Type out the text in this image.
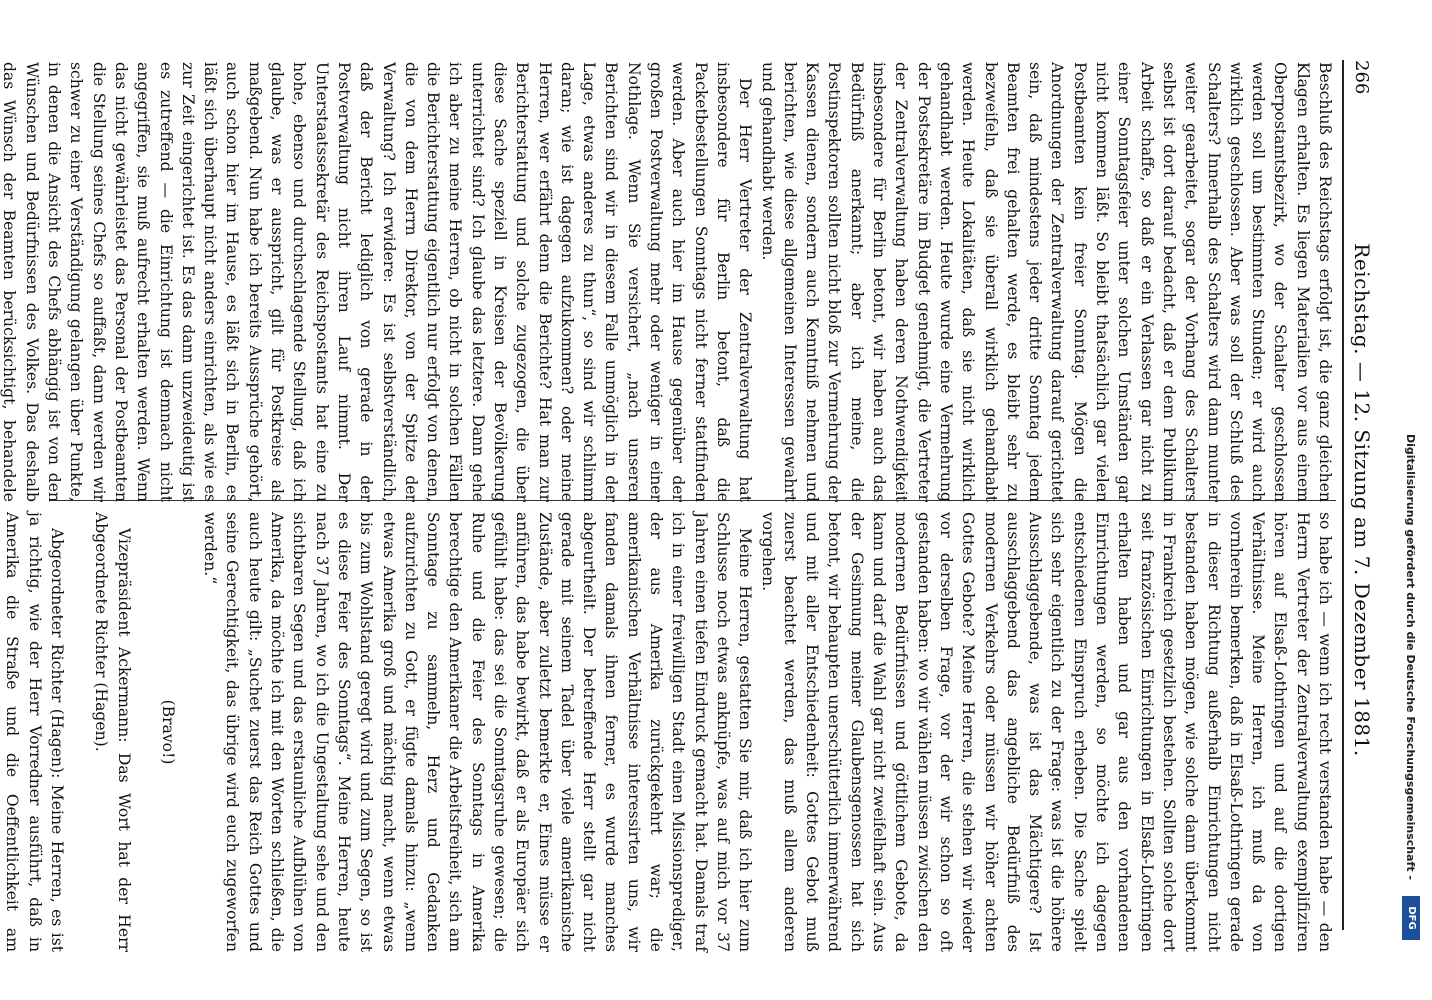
Digitalisierung gefördert durch die Deutsche Forschungsgemeinschaft -
DFG
266
Reichstag. — 12. Sitzung am 7. Dezember 1881.

Beschluß des Reichstags erfolgt ist, die ganz gleichen Klagen erhalten. Es liegen Materialien vor aus einem Oberpostamtsbezirk, wo der Schalter geschlossen werden soll um bestimmten Stunden; er wird auch wirklich geschlossen. Aber was soll der Schluß des Schalters? Innerhalb des Schalters wird dann munter weiter gearbeitet, sogar der Vorhang des Schalters selbst ist dort darauf bedacht, daß er dem Publikum Arbeit schaffe, so daß er ein Verlassen gar nicht zu einer Sonntagsfeier unter solchen Umständen gar nicht kommen läßt. So bleibt thatsächlich gar vielen Postbeamten kein freier Sonntag. Mögen die Anordnungen der Zentralverwaltung darauf gerichtet sein, daß mindestens jeder dritte Sonntag jedem Beamten frei gehalten werde, es bleibt sehr zu bezweifeln, daß sie überall wirklich gehandhabt werden. Heute Lokalitäten, daß sie nicht wirklich gehandhabt werden. Heute wurde eine Vermehrung der Postsekretäre im Budget genehmigt, die Vertreter der Zentralverwaltung haben deren Nothwendigkeit insbesondere für Berlin betont, wir haben auch das Bedürfniß anerkannt; aber ich meine, die Postinspektoren sollten nicht bloß zur Vermehrung der Kassen dienen, sondern auch Kenntniß nehmen und berichten, wie diese allgemeinen Interessen gewahrt und gehandhabt werden.

Der Herr Vertreter der Zentralverwaltung hat insbesondere für Berlin betont, daß die Packetbestellungen Sonntags nicht ferner stattfinden werden. Aber auch hier im Hause gegenüber der großen Postverwaltung mehr oder weniger in einer Nothlage. Wenn Sie versichert, „nach unseren Berichten sind wir in diesem Falle unmöglich in der Lage, etwas anderes zu thun“, so sind wir schlimm daran; wie ist dagegen aufzukommen? oder meine Herren, wer erfährt denn die Berichte? Hat man zur Berichterstattung und solche zugezogen, die über diese Sache speziell in Kreisen der Bevölkerung unterrichtet sind? Ich glaube das letztere. Dann gehe ich aber zu meine Herren, ob nicht in solchen Fällen die Berichterstattung eigentlich nur erfolgt von denen, die von dem Herrn Direktor, von der Spitze der Verwaltung? Ich erwidere: Es ist selbstverständlich, daß der Bericht lediglich von gerade in der Postverwaltung nicht ihren Lauf nimmt. Der Unterstaatssekretär des Reichspostamts hat eine zu hohe, ebenso und durchschlagende Stellung, daß ich glaube, was er ausspricht, gilt für Postkreise als maßgebend. Nun habe ich bereits Aussprüche gehört, auch schon hier im Hause, es läßt sich in Berlin, es läßt sich überhaupt nicht anders einrichten, als wie es zur Zeit eingerichtet ist. Es das dann unzweideutig ist es zutreffend — die Einrichtung ist demnach nicht angegriffen, sie muß aufrecht erhalten werden. Wenn das nicht gewährleistet das Personal der Postbeamten die Stellung seines Chefs so auffaßt, dann werden wir schwer zu einer Verständigung gelangen über Punkte, in denen die Ansicht des Chefs abhängig ist von den Wünschen und Bedürfnissen des Volkes. Das deshalb das Wünsch der Beamten berücksichtigt, behandele

so habe ich — wenn ich recht verstanden habe — den Herrn Vertreter der Zentralverwaltung exemplifiziren hören auf Elsaß-Lothringen und auf die dortigen Verhältnisse. Meine Herren, ich muß da von vornherein bemerken, daß in Elsaß-Lothringen gerade in dieser Richtung außerhalb Einrichtungen nicht bestanden haben mögen, wie solche dann überkommt in Frankreich gesetzlich bestehen. Sollten solche dort seit französischen Einrichtungen in Elsaß-Lothringen erhalten haben und gar aus den vorhandenen Einrichtungen werden, so möchte ich dagegen entschiedenen Einspruch erheben. Die Sache spielt sich sehr eigentlich zu der Frage: was ist die höhere Ausschlaggebende, was ist das Mächtigere? Ist ausschlaggebend das angebliche Bedürfniß des modernen Verkehrs oder müssen wir höher achten Gottes Gebote? Meine Herren, die stehen wir wieder vor derselben Frage, vor der wir schon so oft gestanden haben: wo wir wählen müssen zwischen den modernen Bedürfnissen und göttlichem Gebote, da kann und darf die Wahl gar nicht zweifelhaft sein. Aus der Gesinnung meiner Glaubensgenossen hat sich betont, wir behaupten unerschütterlich immerwährend und mit aller Entschiedenheit: Gottes Gebot muß zuerst beachtet werden, das muß allem anderen vorgehen.

Meine Herren, gestatten Sie mir, daß ich hier zum Schlusse noch etwas anknüpfe, was auf mich vor 37 Jahren einen tiefen Eindruck gemacht hat. Damals traf ich in einer freiwilligen Stadt einen Missionsprediger, der aus Amerika zurückgekehrt war; die amerikanischen Verhältnisse interessirten uns, wir fanden damals ihnen ferner, es wurde manches abgeurtheilt. Der betreffende Herr stellt gar nicht gerade mit seinem Tadel über viele amerikanische Zustände, aber zuletzt bemerkte er, Eines müsse er anführen, das habe bewirkt, daß er als Europäer sich gefühlt habe: das sei die Sonntagsruhe gewesen; die Ruhe und die Feier des Sonntags in Amerika berechtige den Amerikaner die Arbeitsfreiheit, sich am Sonntage zu sammeln, Herz und Gedanken aufzurichten zu Gott, er fügte damals hinzu: „wenn etwas Amerika groß und mächtig macht, wenn etwas bis zum Wohlstand geregt wird und zum Segen, so ist es diese Feier des Sonntags“. Meine Herren, heute nach 37 Jahren, wo ich die Ungestaltung sehe und den sichtbaren Segen und das erstaunliche Aufblühen von Amerika, da möchte ich mit den Worten schließen, die auch heute gilt: „Suchet zuerst das Reich Gottes und seine Gerechtigkeit, das übrige wird euch zugeworfen werden.“

(Bravo!)

Vizepräsident Ackermann: Das Wort hat der Herr Abgeordnete Richter (Hagen).

Abgeordneter Richter (Hagen): Meine Herren, es ist ja richtig, wie der Herr Vorredner ausführt, daß in Amerika die Straße und die Oeffentlichkeit am
